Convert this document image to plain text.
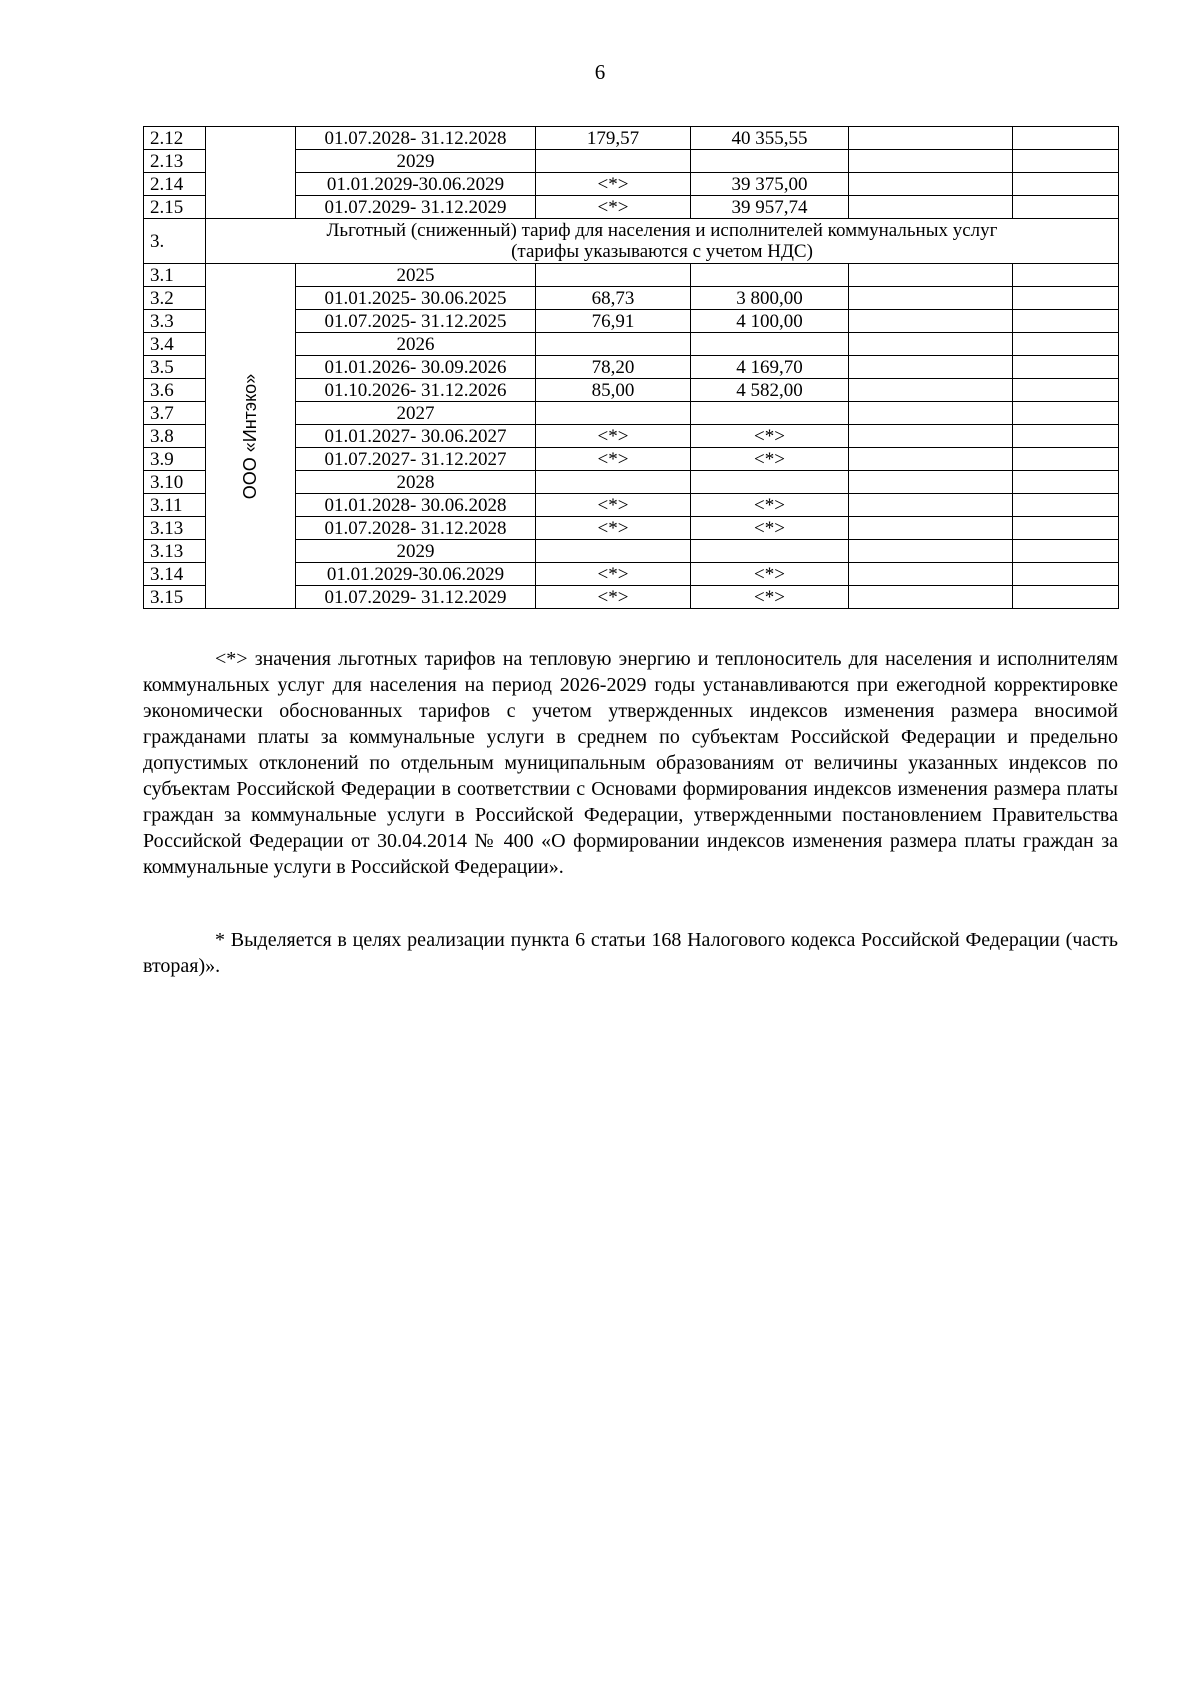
6
2.12		01.07.2028- 31.12.2028	179,57	40 355,55		
2.13		2029				
2.14		01.01.2029-30.06.2029	<*>	39 375,00		
2.15		01.07.2029- 31.12.2029	<*>	39 957,74		
3.	Льготный (сниженный) тариф для населения и исполнителей коммунальных услуг
(тарифы указываются с учетом НДС)					

3.1	ООО «Интэко»	2025				
3.2		01.01.2025- 30.06.2025	68,73	3 800,00		
3.3		01.07.2025- 31.12.2025	76,91	4 100,00		
3.4		2026				
3.5		01.01.2026- 30.09.2026	78,20	4 169,70		
3.6		01.10.2026- 31.12.2026	85,00	4 582,00		
3.7		2027				
3.8		01.01.2027- 30.06.2027	<*>	<*>		
3.9		01.07.2027- 31.12.2027	<*>	<*>		
3.10		2028				
3.11		01.01.2028- 30.06.2028	<*>	<*>		
3.13		01.07.2028- 31.12.2028	<*>	<*>		
3.13		2029				
3.14		01.01.2029-30.06.2029	<*>	<*>		
3.15		01.07.2029- 31.12.2029	<*>	<*>		

<*> значения льготных тарифов на тепловую энергию и теплоноситель для населения и исполнителям коммунальных услуг для населения на период 2026-2029 годы устанавливаются при ежегодной корректировке экономически обоснованных тарифов с учетом утвержденных индексов изменения размера вносимой гражданами платы за коммунальные услуги в среднем по субъектам Российской Федерации и предельно допустимых отклонений по отдельным муниципальным образованиям от величины указанных индексов по субъектам Российской Федерации в соответствии с Основами формирования индексов изменения размера платы граждан за коммунальные услуги в Российской Федерации, утвержденными постановлением Правительства Российской Федерации от 30.04.2014 № 400 «О формировании индексов изменения размера платы граждан за коммунальные услуги в Российской Федерации».

* Выделяется в целях реализации пункта 6 статьи 168 Налогового кодекса Российской Федерации (часть вторая)».
